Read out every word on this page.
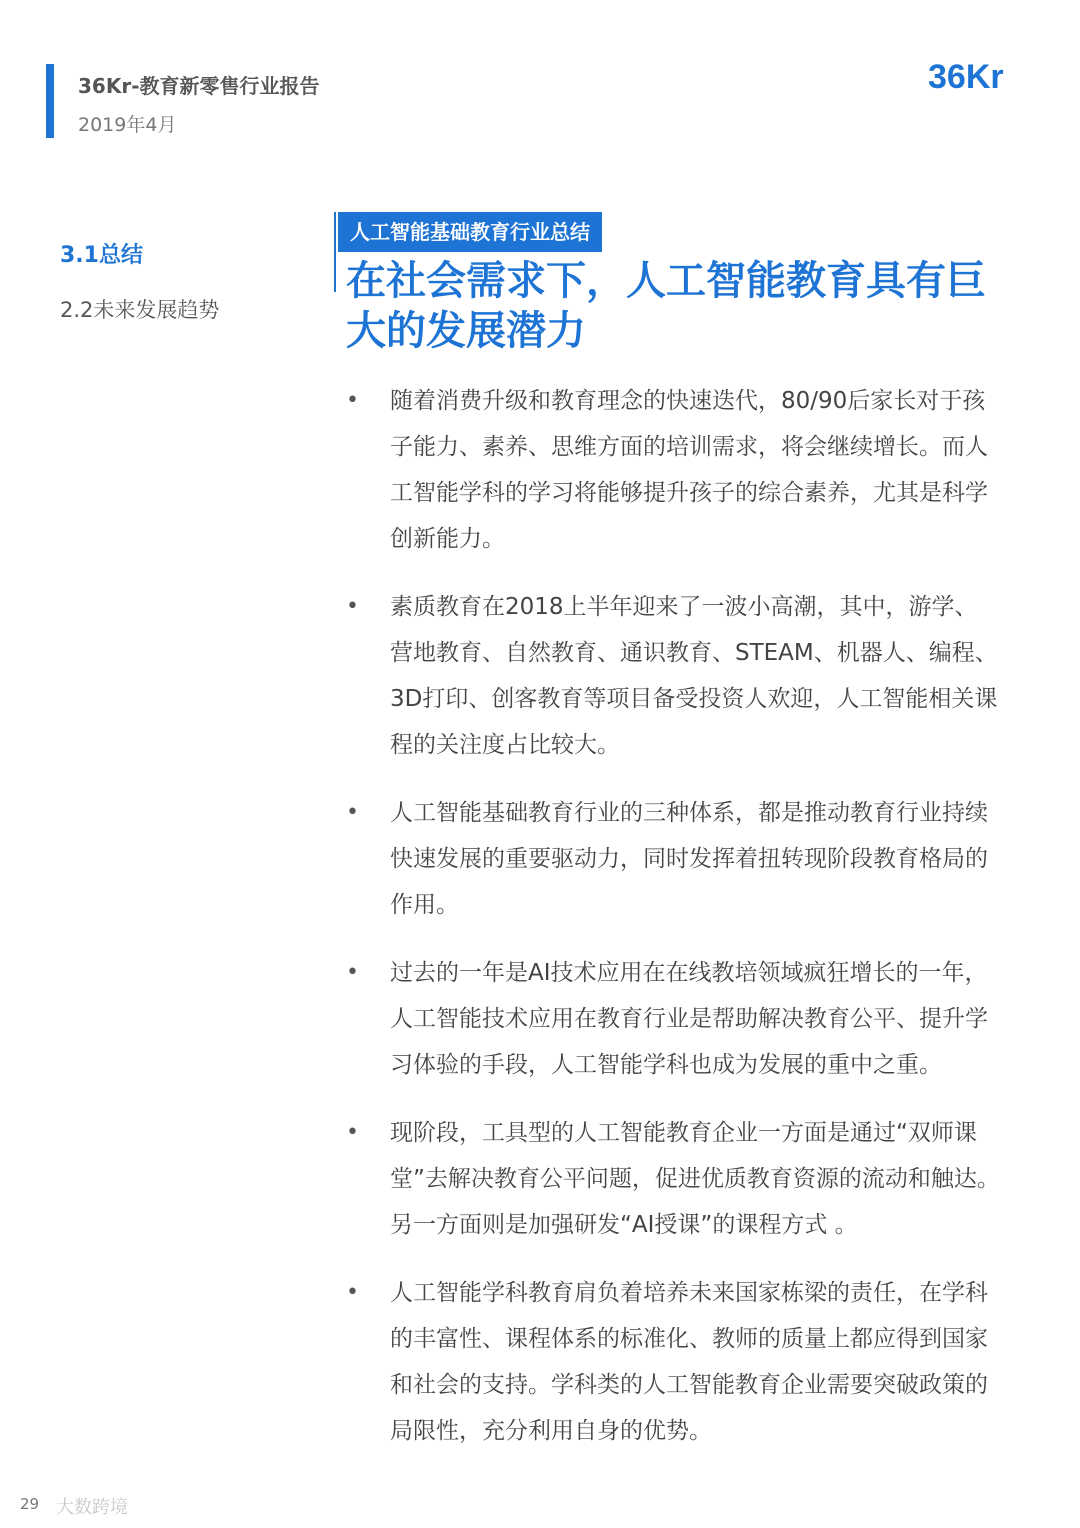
36Kr-教育新零售行业报告
2019年4月
36Kr
3.1总结
2.2未来发展趋势
人工智能基础教育行业总结
在社会需求下，人工智能教育具有巨大的发展潜力
• 随着消费升级和教育理念的快速迭代，80/90后家长对于孩子能力、素养、思维方面的培训需求，将会继续增长。而人工智能学科的学习将能够提升孩子的综合素养，尤其是科学创新能力。
• 素质教育在2018上半年迎来了一波小高潮，其中，游学、营地教育、自然教育、通识教育、STEAM、机器人、编程、3D打印、创客教育等项目备受投资人欢迎，人工智能相关课程的关注度占比较大。
• 人工智能基础教育行业的三种体系，都是推动教育行业持续快速发展的重要驱动力，同时发挥着扭转现阶段教育格局的作用。
• 过去的一年是AI技术应用在在线教培领域疯狂增长的一年，人工智能技术应用在教育行业是帮助解决教育公平、提升学习体验的手段，人工智能学科也成为发展的重中之重。
• 现阶段，工具型的人工智能教育企业一方面是通过“双师课堂”去解决教育公平问题，促进优质教育资源的流动和触达。另一方面则是加强研发“AI授课”的课程方式 。
• 人工智能学科教育肩负着培养未来国家栋梁的责任，在学科的丰富性、课程体系的标准化、教师的质量上都应得到国家和社会的支持。学科类的人工智能教育企业需要突破政策的局限性，充分利用自身的优势。
29 大数跨境
